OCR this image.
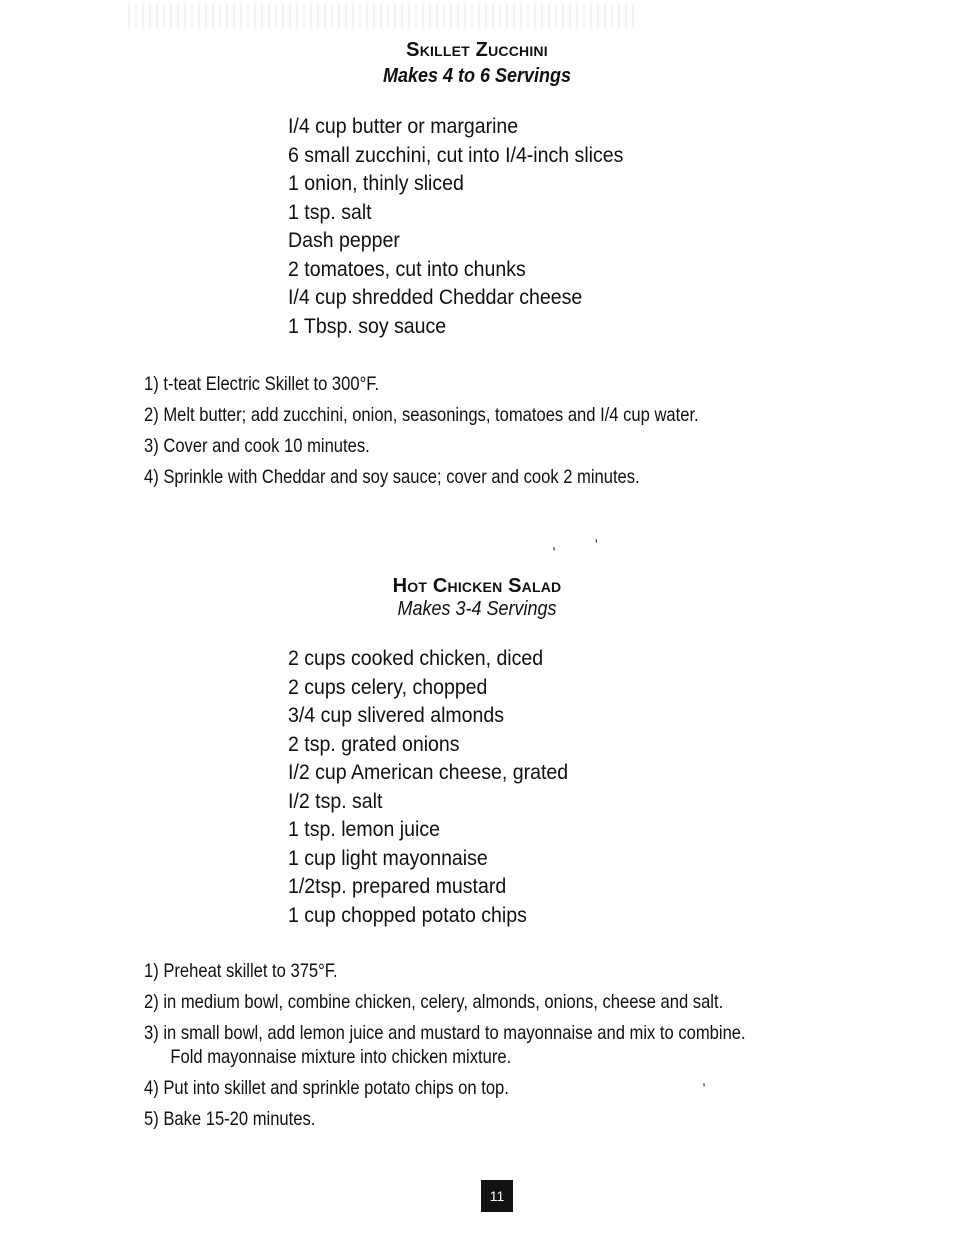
Skillet Zucchini
Makes 4 to 6 Servings
I/4 cup butter or margarine
6 small zucchini, cut into I/4-inch slices
1 onion, thinly sliced
1 tsp. salt
Dash pepper
2 tomatoes, cut into chunks
I/4 cup shredded Cheddar cheese
1 Tbsp. soy sauce
1) t-teat Electric Skillet to 300°F.
2) Melt butter; add zucchini, onion, seasonings, tomatoes and I/4 cup water.
3) Cover and cook 10 minutes.
4) Sprinkle with Cheddar and soy sauce; cover and cook 2 minutes.
,	'
Hot Chicken Salad
Makes 3-4 Servings
2 cups cooked chicken, diced
2 cups celery, chopped
3/4 cup slivered almonds
2 tsp. grated onions
I/2 cup American cheese, grated
I/2 tsp. salt
1 tsp. lemon juice
1 cup light mayonnaise
1/2tsp. prepared mustard
1 cup chopped potato chips
1) Preheat skillet to 375°F.
2) in medium bowl, combine chicken, celery, almonds, onions, cheese and salt.
3) in small bowl, add lemon juice and mustard to mayonnaise and mix to combine.
Fold mayonnaise mixture into chicken mixture.
4) Put into skillet and sprinkle potato chips on top.
5) Bake 15-20 minutes.
,
11
